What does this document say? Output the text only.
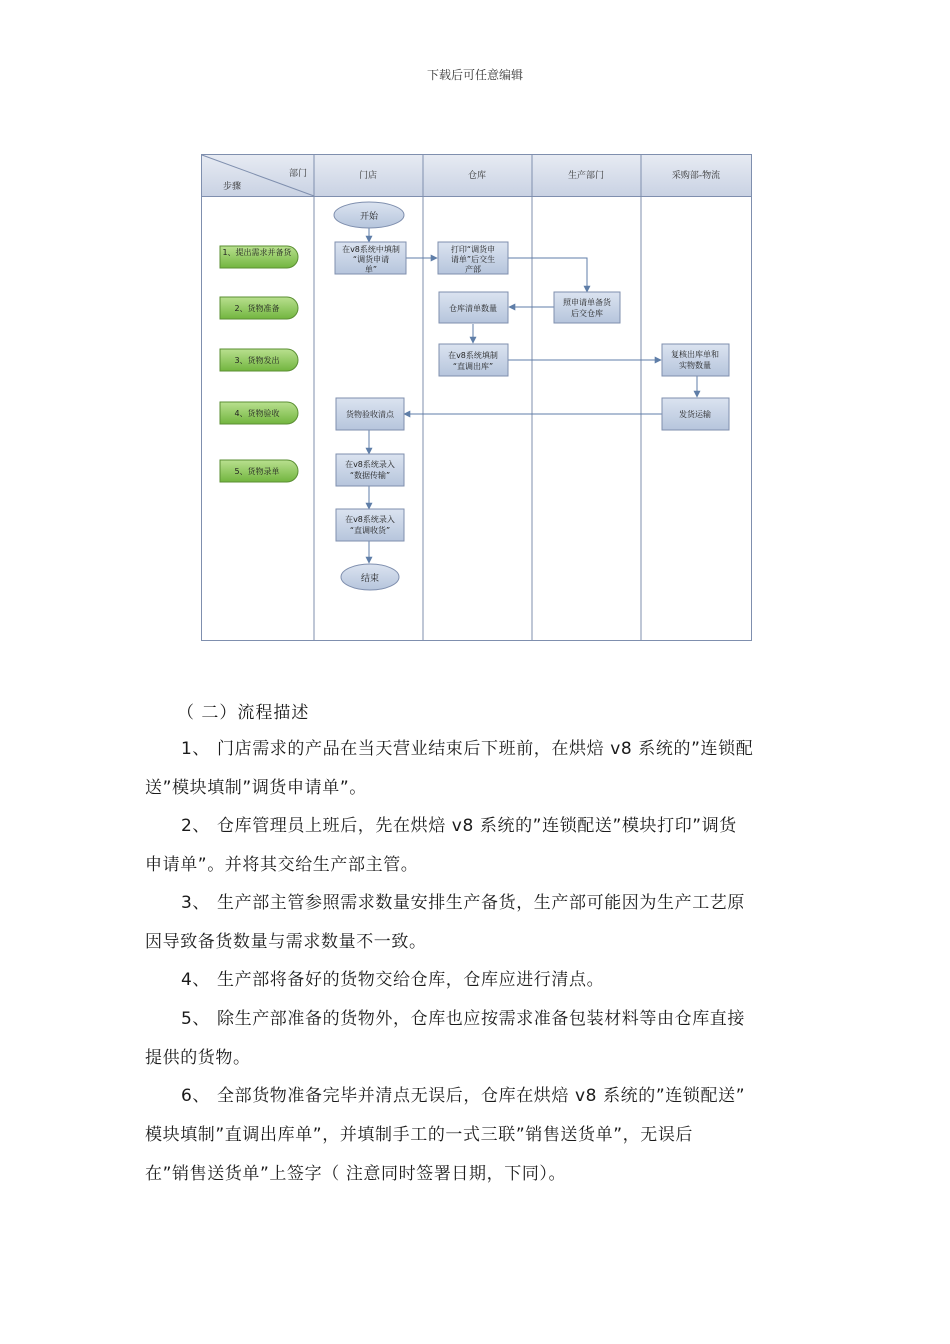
下载后可任意编辑
部门
步骤
门店	仓库	生产部门	采购部-物流
1、提出需求并备货
2、货物准备
3、货物发出
4、货物验收
5、货物录单
开始
在v8系统中填制
“调货申请
单”
打印“调货申
请单”后交生
产部
照申请单备货
后交仓库
仓库清单数量
在v8系统填制
“直调出库”
复核出库单和
实物数量
发货运输
货物验收清点
在v8系统录入
“数据传输”
在v8系统录入
“直调收货”
结束
（ 二）流程描述
1、 门店需求的产品在当天营业结束后下班前，在烘焙 v8 系统的”连锁配
送”模块填制”调货申请单”。
2、 仓库管理员上班后，先在烘焙 v8 系统的”连锁配送”模块打印”调货
申请单”。并将其交给生产部主管。
3、 生产部主管参照需求数量安排生产备货，生产部可能因为生产工艺原
因导致备货数量与需求数量不一致。
4、 生产部将备好的货物交给仓库，仓库应进行清点。
5、 除生产部准备的货物外，仓库也应按需求准备包装材料等由仓库直接
提供的货物。
6、 全部货物准备完毕并清点无误后，仓库在烘焙 v8 系统的”连锁配送”
模块填制”直调出库单”，并填制手工的一式三联”销售送货单”，无误后
在”销售送货单”上签字（ 注意同时签署日期，下同）。
